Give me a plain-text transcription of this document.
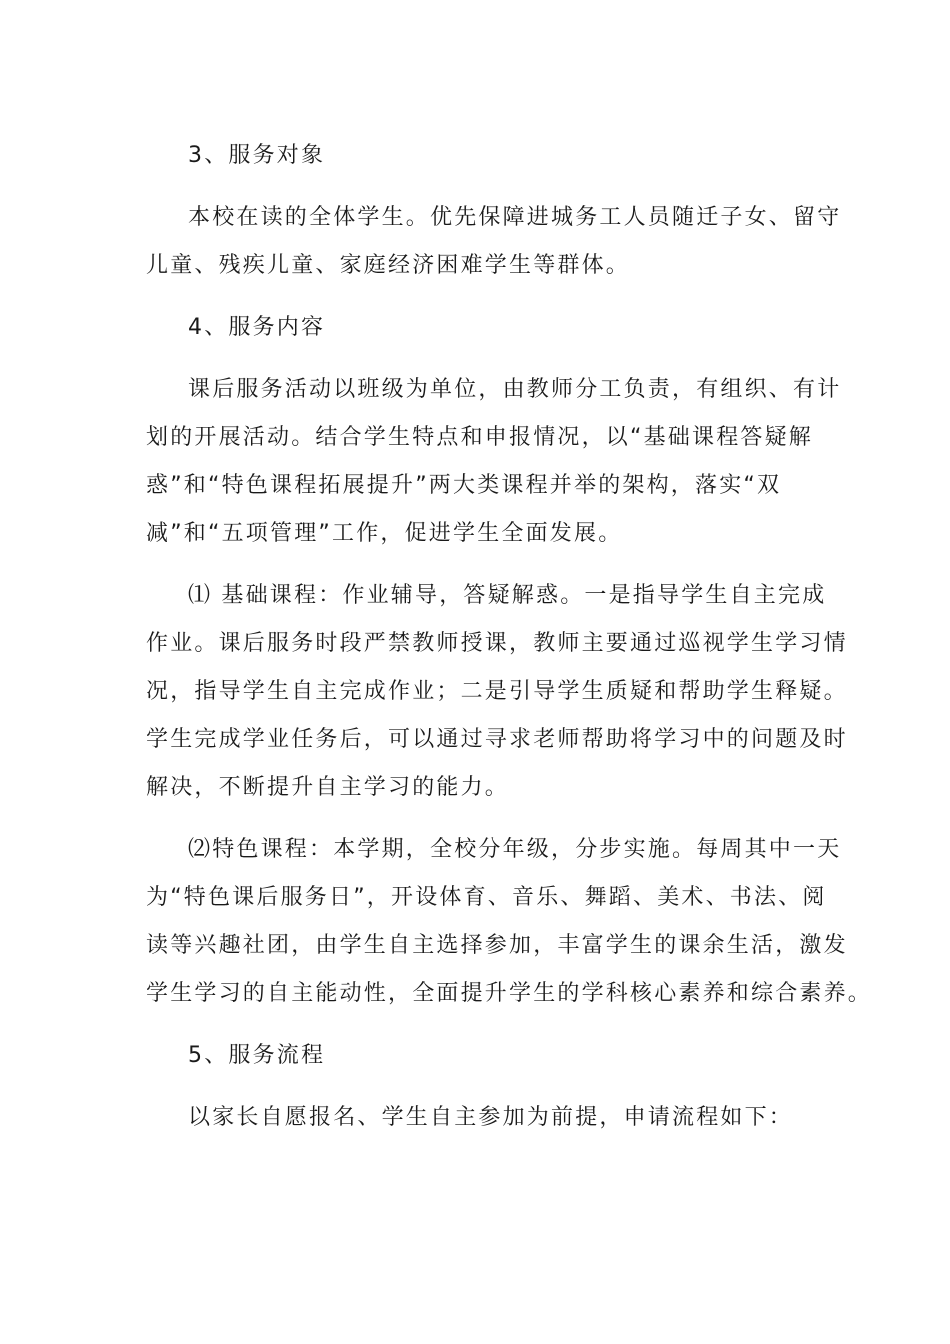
3、服务对象

本校在读的全体学生。优先保障进城务工人员随迁子女、留守

儿童、残疾儿童、家庭经济困难学生等群体。

4、服务内容

课后服务活动以班级为单位，由教师分工负责，有组织、有计

划的开展活动。结合学生特点和申报情况，以“基础课程答疑解

惑”和“特色课程拓展提升”两大类课程并举的架构，落实“双

减”和“五项管理”工作，促进学生全面发展。

⑴ 基础课程：作业辅导，答疑解惑。一是指导学生自主完成

作业。课后服务时段严禁教师授课，教师主要通过巡视学生学习情

况，指导学生自主完成作业；二是引导学生质疑和帮助学生释疑。

学生完成学业任务后，可以通过寻求老师帮助将学习中的问题及时

解决，不断提升自主学习的能力。

⑵特色课程：本学期，全校分年级，分步实施。每周其中一天

为“特色课后服务日”，开设体育、音乐、舞蹈、美术、书法、阅

读等兴趣社团，由学生自主选择参加，丰富学生的课余生活，激发

学生学习的自主能动性，全面提升学生的学科核心素养和综合素养。

5、服务流程

以家长自愿报名、学生自主参加为前提，申请流程如下：
